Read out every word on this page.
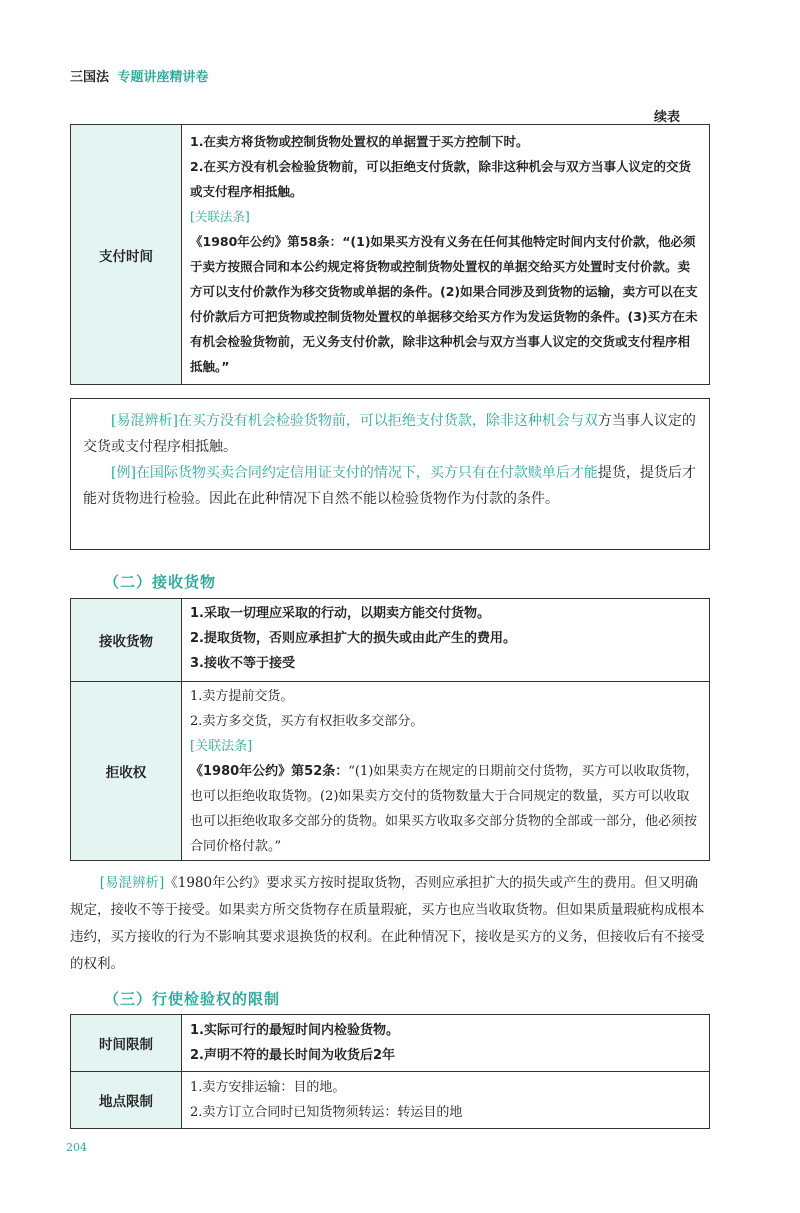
三国法 专题讲座精讲卷
续表
支付时间
1.在卖方将货物或控制货物处置权的单据置于买方控制下时。
2.在买方没有机会检验货物前，可以拒绝支付货款，除非这种机会与双方当事人议定的交货或支付程序相抵触。
[关联法条]
《1980年公约》第58条：“(1)如果买方没有义务在任何其他特定时间内支付价款，他必须于卖方按照合同和本公约规定将货物或控制货物处置权的单据交给买方处置时支付价款。卖方可以支付价款作为移交货物或单据的条件。(2)如果合同涉及到货物的运输，卖方可以在支付价款后方可把货物或控制货物处置权的单据移交给买方作为发运货物的条件。(3)买方在未有机会检验货物前，无义务支付价款，除非这种机会与双方当事人议定的交货或支付程序相抵触。”

[易混辨析]在买方没有机会检验货物前，可以拒绝支付货款，除非这种机会与双方当事人议定的交货或支付程序相抵触。

[例]在国际货物买卖合同约定信用证支付的情况下，买方只有在付款赎单后才能提货，提货后才能对货物进行检验。因此在此种情况下自然不能以检验货物作为付款的条件。

（二）接收货物
接收货物
1.采取一切理应采取的行动，以期卖方能交付货物。
2.提取货物，否则应承担扩大的损失或由此产生的费用。
3.接收不等于接受
拒收权
1.卖方提前交货。
2.卖方多交货，买方有权拒收多交部分。
[关联法条]
《1980年公约》第52条：“(1)如果卖方在规定的日期前交付货物，买方可以收取货物，也可以拒绝收取货物。(2)如果卖方交付的货物数量大于合同规定的数量，买方可以收取也可以拒绝收取多交部分的货物。如果买方收取多交部分货物的全部或一部分，他必须按合同价格付款。”

[易混辨析]《1980年公约》要求买方按时提取货物，否则应承担扩大的损失或产生的费用。但又明确规定，接收不等于接受。如果卖方所交货物存在质量瑕疵，买方也应当收取货物。但如果质量瑕疵构成根本违约，买方接收的行为不影响其要求退换货的权利。在此种情况下，接收是买方的义务，但接收后有不接受的权利。

（三）行使检验权的限制
时间限制
1.实际可行的最短时间内检验货物。
2.声明不符的最长时间为收货后2年
地点限制
1.卖方安排运输：目的地。
2.卖方订立合同时已知货物须转运：转运目的地
204
